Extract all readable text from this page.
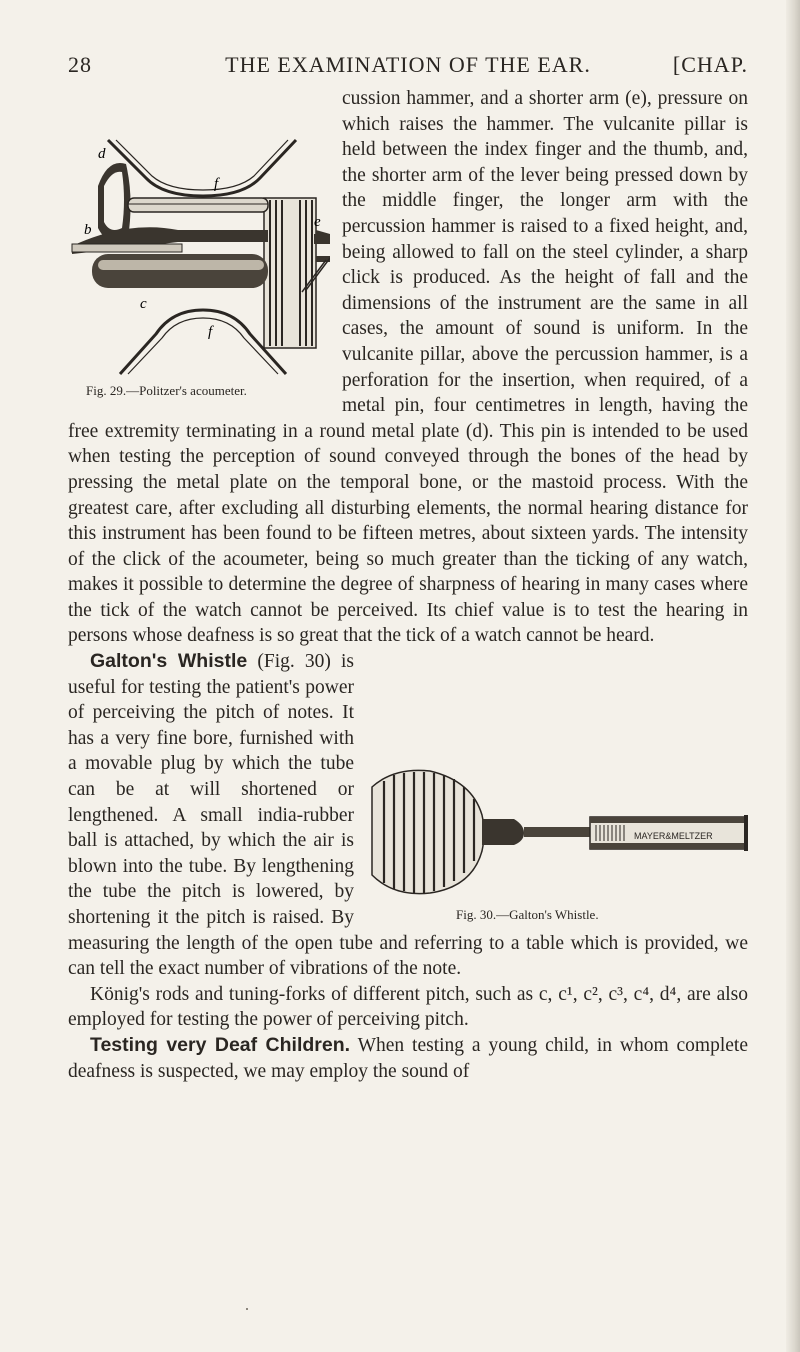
28	THE EXAMINATION OF THE EAR.	[CHAP.
d
f
b	e
c
f
Fig. 29.—Politzer's acoumeter.

cussion hammer, and a shorter arm (e), pressure on which raises the hammer. The vulcanite pillar is held between the index finger and the thumb, and, the shorter arm of the lever being pressed down by the middle finger, the longer arm with the percussion hammer is raised to a fixed height, and, being allowed to fall on the steel cylinder, a sharp click is produced. As the height of fall and the dimensions of the instrument are the same in all cases, the amount of sound is uniform. In the vulcanite pillar, above the percussion hammer, is a perforation for the insertion, when required, of a metal pin, four centimetres in length, having the free extremity terminating in a round metal plate (d). This pin is intended to be used when testing the perception of sound conveyed through the bones of the head by pressing the metal plate on the temporal bone, or the mastoid process. With the greatest care, after excluding all disturbing elements, the normal hearing distance for this instrument has been found to be fifteen metres, about sixteen yards. The intensity of the click of the acoumeter, being so much greater than the ticking of any watch, makes it possible to determine the degree of sharpness of hearing in many cases where the tick of the watch cannot be perceived. Its chief value is to test the hearing in persons whose deafness is so great that the tick of a watch cannot be heard.

MAYER&MELTZER
Fig. 30.—Galton's Whistle.

Galton's Whistle (Fig. 30) is useful for testing the patient's power of perceiving the pitch of notes. It has a very fine bore, furnished with a movable plug by which the tube can be at will shortened or lengthened. A small india-rubber ball is attached, by which the air is blown into the tube. By lengthening the tube the pitch is lowered, by shortening it the pitch is raised. By measuring the length of the open tube and referring to a table which is provided, we can tell the exact number of vibrations of the note.

König's rods and tuning-forks of different pitch, such as c, c¹, c², c³, c⁴, d⁴, are also employed for testing the power of perceiving pitch.

Testing very Deaf Children. When testing a young child, in whom complete deafness is suspected, we may employ the sound of
